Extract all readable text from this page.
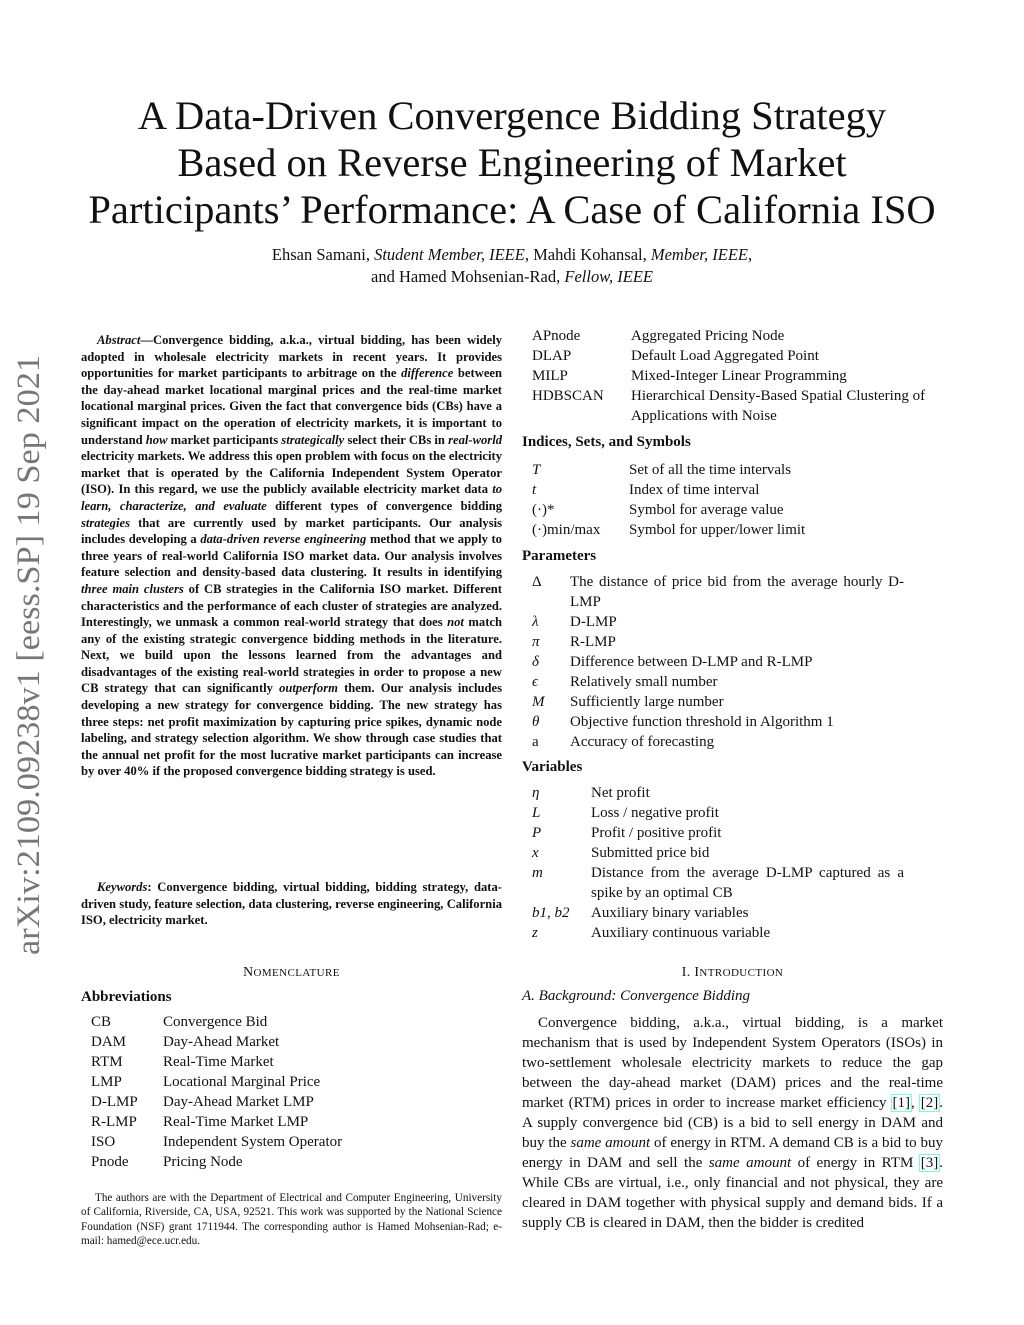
arXiv:2109.09238v1 [eess.SP] 19 Sep 2021
A Data-Driven Convergence Bidding Strategy
Based on Reverse Engineering of Market
Participants’ Performance: A Case of California ISO
Ehsan Samani, Student Member, IEEE, Mahdi Kohansal, Member, IEEE,
and Hamed Mohsenian-Rad, Fellow, IEEE
Abstract—Convergence bidding, a.k.a., virtual bidding, has been widely adopted in wholesale electricity markets in recent years. It provides opportunities for market participants to arbitrage on the difference between the day-ahead market locational marginal prices and the real-time market locational marginal prices. Given the fact that convergence bids (CBs) have a significant impact on the operation of electricity markets, it is important to understand how market participants strategically select their CBs in real-world electricity markets. We address this open problem with focus on the electricity market that is operated by the California Independent System Operator (ISO). In this regard, we use the publicly available electricity market data to learn, characterize, and evaluate different types of convergence bidding strategies that are currently used by market participants. Our analysis includes developing a data-driven reverse engineering method that we apply to three years of real-world California ISO market data. Our analysis involves feature selection and density-based data clustering. It results in identifying three main clusters of CB strategies in the California ISO market. Different characteristics and the performance of each cluster of strategies are analyzed. Interestingly, we unmask a common real-world strategy that does not match any of the existing strategic convergence bidding methods in the literature. Next, we build upon the lessons learned from the advantages and disadvantages of the existing real-world strategies in order to propose a new CB strategy that can significantly outperform them. Our analysis includes developing a new strategy for convergence bidding. The new strategy has three steps: net profit maximization by capturing price spikes, dynamic node labeling, and strategy selection algorithm. We show through case studies that the annual net profit for the most lucrative market participants can increase by over 40% if the proposed convergence bidding strategy is used.
Keywords: Convergence bidding, virtual bidding, bidding strategy, data-driven study, feature selection, data clustering, reverse engineering, California ISO, electricity market.
NOMENCLATURE
Abbreviations
CB	Convergence Bid
DAM	Day-Ahead Market
RTM	Real-Time Market
LMP	Locational Marginal Price
D-LMP	Day-Ahead Market LMP
R-LMP	Real-Time Market LMP
ISO	Independent System Operator
Pnode	Pricing Node
The authors are with the Department of Electrical and Computer Engineering, University of California, Riverside, CA, USA, 92521. This work was supported by the National Science Foundation (NSF) grant 1711944. The corresponding author is Hamed Mohsenian-Rad; e-mail: hamed@ece.ucr.edu.
APnode	Aggregated Pricing Node
DLAP	Default Load Aggregated Point
MILP	Mixed-Integer Linear Programming
HDBSCAN	Hierarchical Density-Based Spatial Clustering of Applications with Noise
Indices, Sets, and Symbols
T	Set of all the time intervals
t	Index of time interval
(·)*	Symbol for average value
(·)min/max	Symbol for upper/lower limit
Parameters
Δ	The distance of price bid from the average hourly D-LMP
λ	D-LMP
π	R-LMP
δ	Difference between D-LMP and R-LMP
ϵ	Relatively small number
M	Sufficiently large number
θ	Objective function threshold in Algorithm 1
a	Accuracy of forecasting
Variables
η	Net profit
L	Loss / negative profit
P	Profit / positive profit
x	Submitted price bid
m	Distance from the average D-LMP captured as a spike by an optimal CB
b1, b2	Auxiliary binary variables
z	Auxiliary continuous variable
I. INTRODUCTION
A. Background: Convergence Bidding
Convergence bidding, a.k.a., virtual bidding, is a market mechanism that is used by Independent System Operators (ISOs) in two-settlement wholesale electricity markets to reduce the gap between the day-ahead market (DAM) prices and the real-time market (RTM) prices in order to increase market efficiency [1], [2]. A supply convergence bid (CB) is a bid to sell energy in DAM and buy the same amount of energy in RTM. A demand CB is a bid to buy energy in DAM and sell the same amount of energy in RTM [3]. While CBs are virtual, i.e., only financial and not physical, they are cleared in DAM together with physical supply and demand bids. If a supply CB is cleared in DAM, then the bidder is credited
